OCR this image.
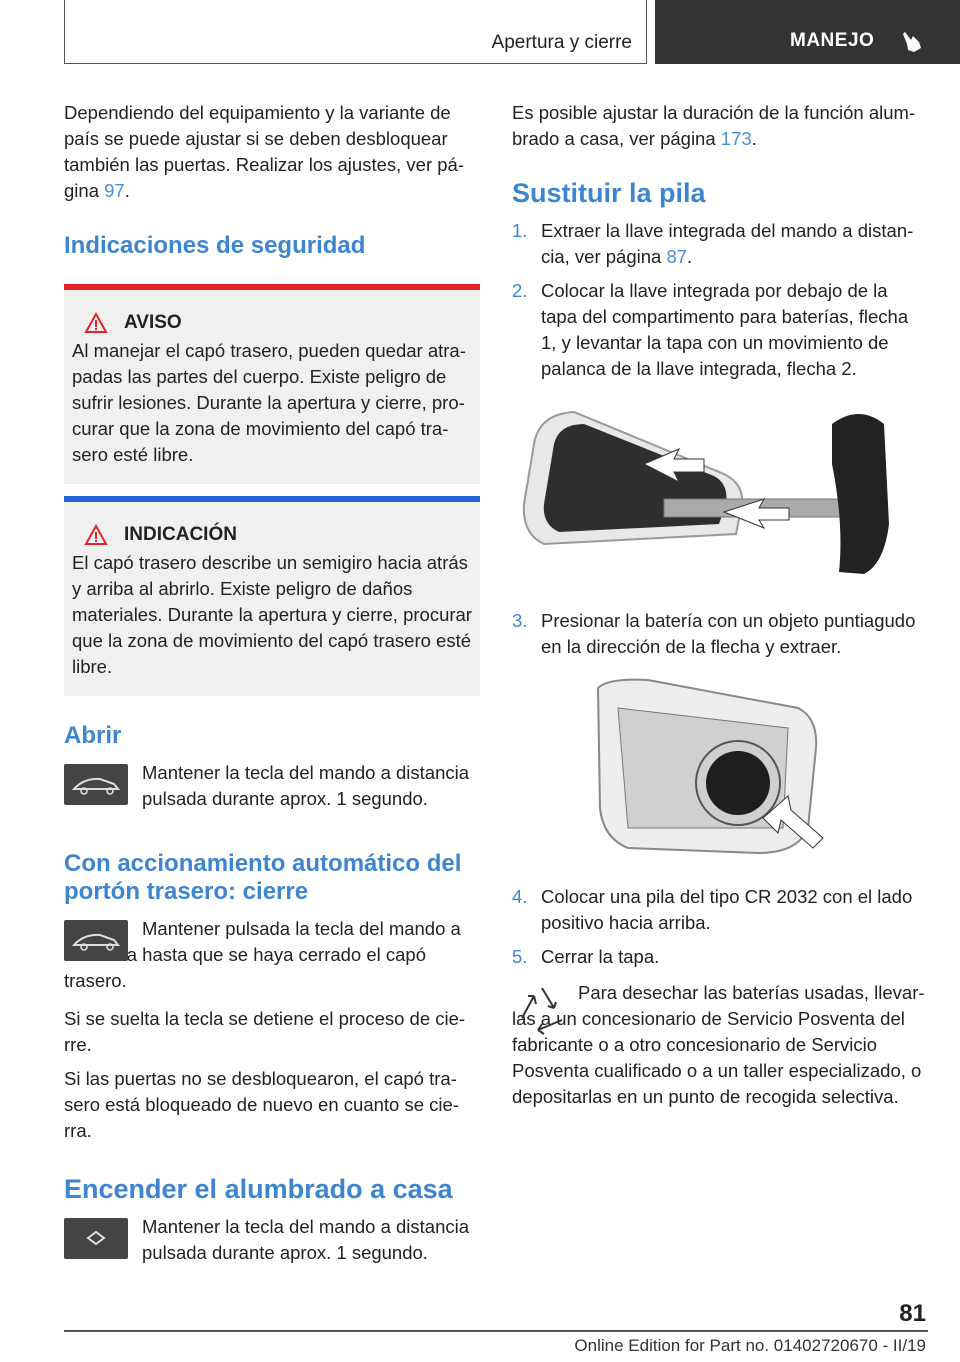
Apertura y cierre	MANEJO

Dependiendo del equipamiento y la variante de país se puede ajustar si se deben desbloquear también las puertas. Realizar los ajustes, ver página 97.

Indicaciones de seguridad
AVISO

Al manejar el capó trasero, pueden quedar atrapadas las partes del cuerpo. Existe peligro de sufrir lesiones. Durante la apertura y cierre, procurar que la zona de movimiento del capó trasero esté libre.

INDICACIÓN

El capó trasero describe un semigiro hacia atrás y arriba al abrirlo. Existe peligro de daños materiales. Durante la apertura y cierre, procurar que la zona de movimiento del capó trasero esté libre.

Abrir

Mantener la tecla del mando a distancia pulsada durante aprox. 1 segundo.

Con accionamiento automático del portón trasero: cierre

Mantener pulsada la tecla del mando a distancia hasta que se haya cerrado el capó trasero.

Si se suelta la tecla se detiene el proceso de cierre.

Si las puertas no se desbloquearon, el capó trasero está bloqueado de nuevo en cuanto se cierra.

Encender el alumbrado a casa

Mantener la tecla del mando a distancia pulsada durante aprox. 1 segundo.

Es posible ajustar la duración de la función alumbrado a casa, ver página 173.

Sustituir la pila
1. Extraer la llave integrada del mando a distancia, ver página 87.
2. Colocar la llave integrada por debajo de la tapa del compartimento para baterías, flecha 1, y levantar la tapa con un movimiento de palanca de la llave integrada, flecha 2.
3. Presionar la batería con un objeto puntiagudo en la dirección de la flecha y extraer.
4. Colocar una pila del tipo CR 2032 con el lado positivo hacia arriba.
5. Cerrar la tapa.

Para desechar las baterías usadas, llevarlas a un concesionario de Servicio Posventa del fabricante o a otro concesionario de Servicio Posventa cualificado o a un taller especializado, o depositarlas en un punto de recogida selectiva.

81
Online Edition for Part no. 01402720670 - II/19
